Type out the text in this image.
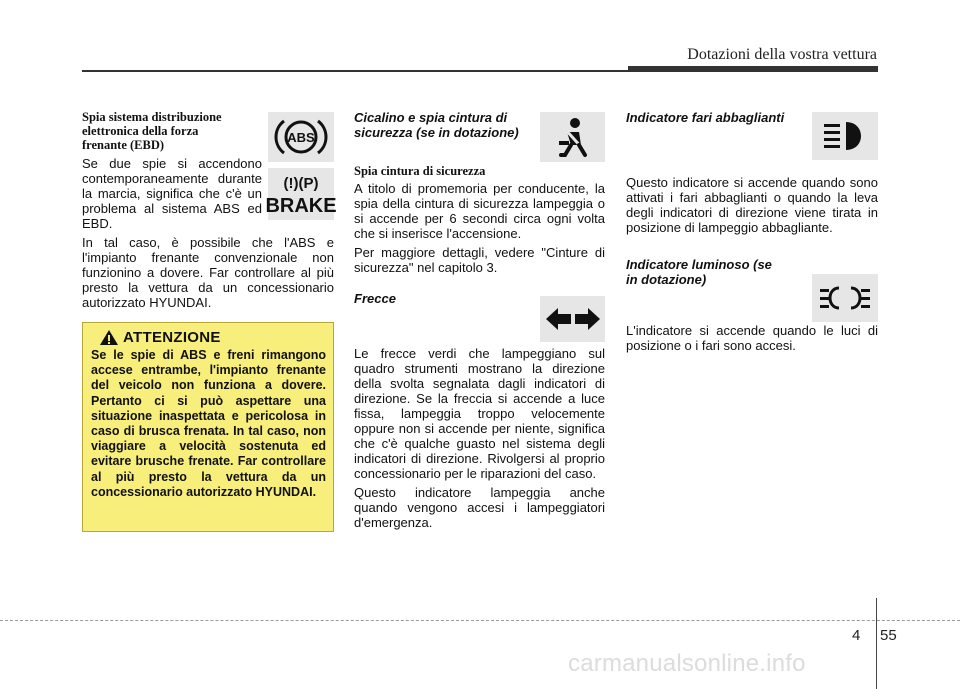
Dotazioni della vostra vettura
Spia sistema distribuzione elettronica della forza frenante (EBD)

Se due spie si accendono contemporaneamente durante la marcia, significa che c'è un problema al sistema ABS ed EBD.

In tal caso, è possibile che l'ABS e l'impianto frenante convenzionale non funzionino a dovere. Far controllare al più presto la vettura da un concessionario autorizzato HYUNDAI.

ABS
(!)(P)
BRAKE
ATTENZIONE

Se le spie di ABS e freni rimangono accese entrambe, l'impianto frenante del veicolo non funziona a dovere. Pertanto ci si può aspettare una situazione inaspettata e pericolosa in caso di brusca frenata. In tal caso, non viaggiare a velocità sostenuta ed evitare brusche frenate. Far controllare al più presto la vettura da un concessionario autorizzato HYUNDAI.

Cicalino e spia cintura di sicurezza (se in dotazione)
Spia cintura di sicurezza

A titolo di promemoria per conducente, la spia della cintura di sicurezza lampeggia o si accende per 6 secondi circa ogni volta che si inserisce l'accensione.

Per maggiore dettagli, vedere "Cinture di sicurezza" nel capitolo 3.

Frecce

Le frecce verdi che lampeggiano sul quadro strumenti mostrano la direzione della svolta segnalata dagli indicatori di direzione. Se la freccia si accende a luce fissa, lampeggia troppo velocemente oppure non si accende per niente, significa che c'è qualche guasto nel sistema degli indicatori di direzione. Rivolgersi al proprio concessionario per le riparazioni del caso.

Questo indicatore lampeggia anche quando vengono accesi i lampeggiatori d'emergenza.

Indicatore fari abbaglianti

Questo indicatore si accende quando sono attivati i fari abbaglianti o quando la leva degli indicatori di direzione viene tirata in posizione di lampeggio abbagliante.

Indicatore luminoso (se in dotazione)

L'indicatore si accende quando le luci di posizione o i fari sono accesi.

4 55
carmanualsonline.info
